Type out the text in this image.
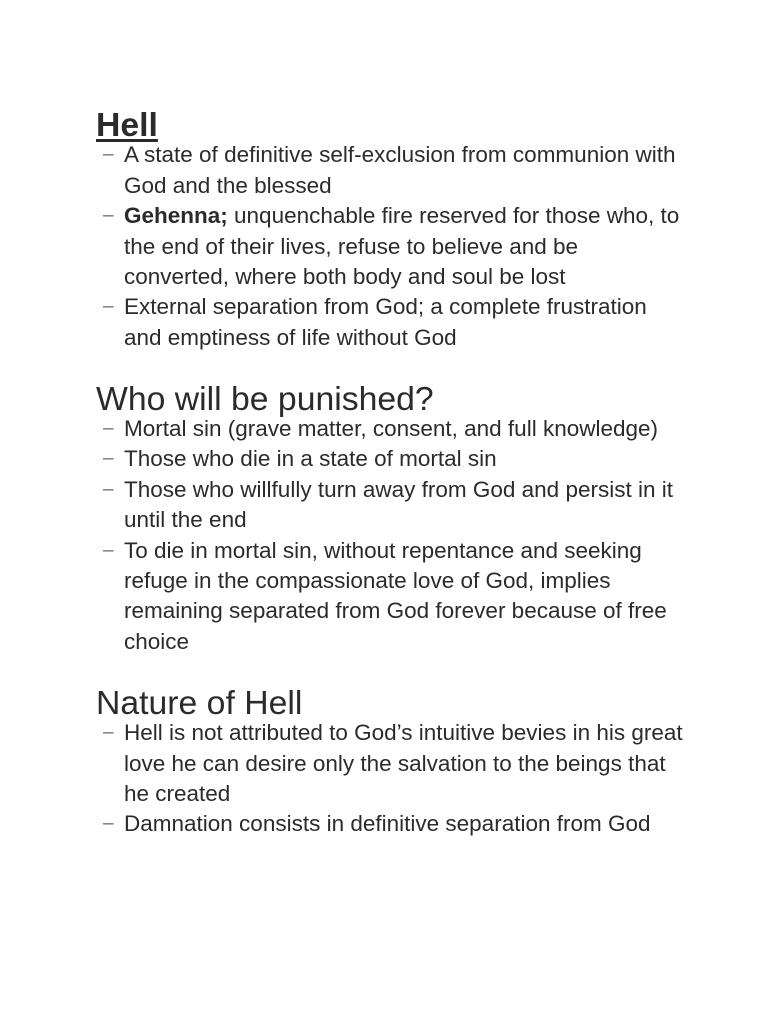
Hell
– A state of definitive self-exclusion from communion with God and the blessed
– Gehenna; unquenchable fire reserved for those who, to the end of their lives, refuse to believe and be converted, where both body and soul be lost
– External separation from God; a complete frustration and emptiness of life without God
Who will be punished?
– Mortal sin (grave matter, consent, and full knowledge)
– Those who die in a state of mortal sin
– Those who willfully turn away from God and persist in it until the end
– To die in mortal sin, without repentance and seeking refuge in the compassionate love of God, implies remaining separated from God forever because of free choice
Nature of Hell
– Hell is not attributed to God’s intuitive bevies in his great love he can desire only the salvation to the beings that he created
– Damnation consists in definitive separation from God
